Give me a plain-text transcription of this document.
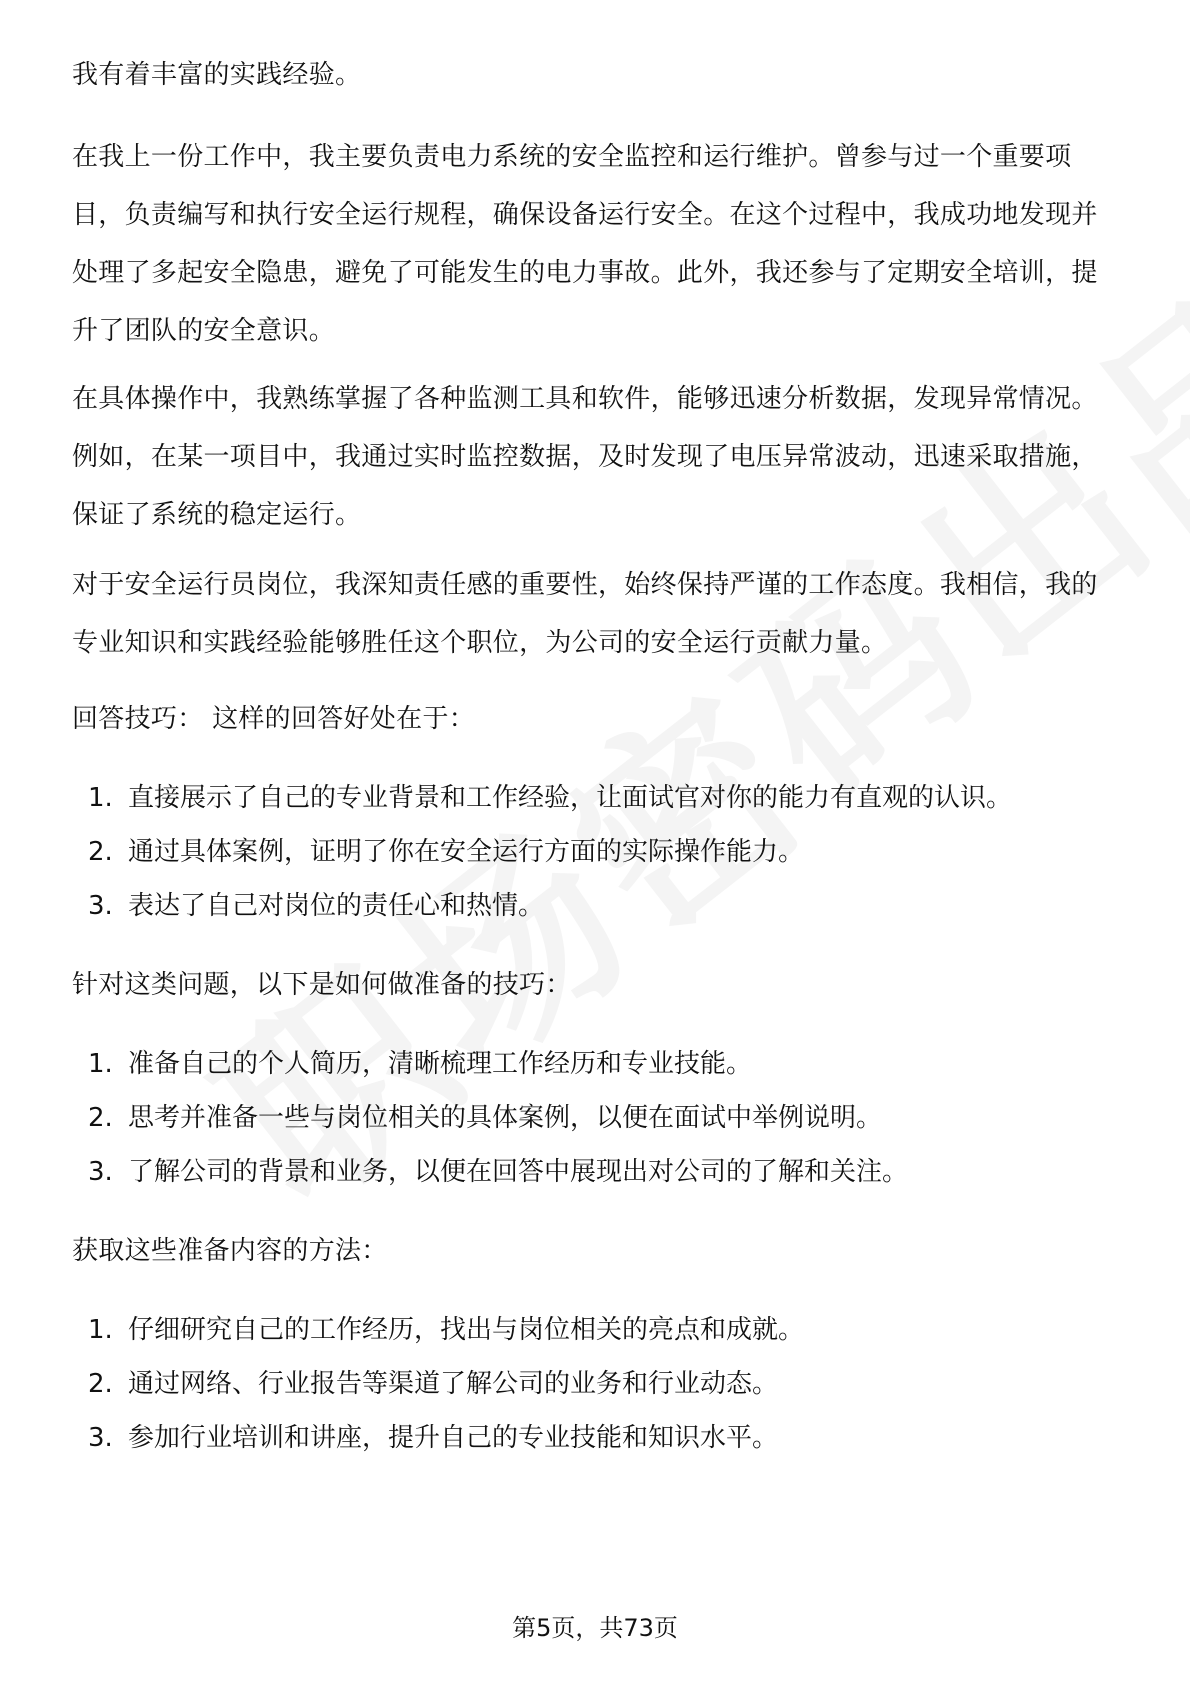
我有着丰富的实践经验。

在我上一份工作中，我主要负责电力系统的安全监控和运行维护。曾参与过一个重要项目，负责编写和执行安全运行规程，确保设备运行安全。在这个过程中，我成功地发现并处理了多起安全隐患，避免了可能发生的电力事故。此外，我还参与了定期安全培训，提升了团队的安全意识。

在具体操作中，我熟练掌握了各种监测工具和软件，能够迅速分析数据，发现异常情况。例如，在某一项目中，我通过实时监控数据，及时发现了电压异常波动，迅速采取措施，保证了系统的稳定运行。

对于安全运行员岗位，我深知责任感的重要性，始终保持严谨的工作态度。我相信，我的专业知识和实践经验能够胜任这个职位，为公司的安全运行贡献力量。

回答技巧： 这样的回答好处在于：

1. 直接展示了自己的专业背景和工作经验，让面试官对你的能力有直观的认识。
2. 通过具体案例，证明了你在安全运行方面的实际操作能力。
3. 表达了自己对岗位的责任心和热情。

针对这类问题，以下是如何做准备的技巧：

1. 准备自己的个人简历，清晰梳理工作经历和专业技能。
2. 思考并准备一些与岗位相关的具体案例，以便在面试中举例说明。
3. 了解公司的背景和业务，以便在回答中展现出对公司的了解和关注。

获取这些准备内容的方法：

1. 仔细研究自己的工作经历，找出与岗位相关的亮点和成就。
2. 通过网络、行业报告等渠道了解公司的业务和行业动态。
3. 参加行业培训和讲座，提升自己的专业技能和知识水平。
第5页，共73页
